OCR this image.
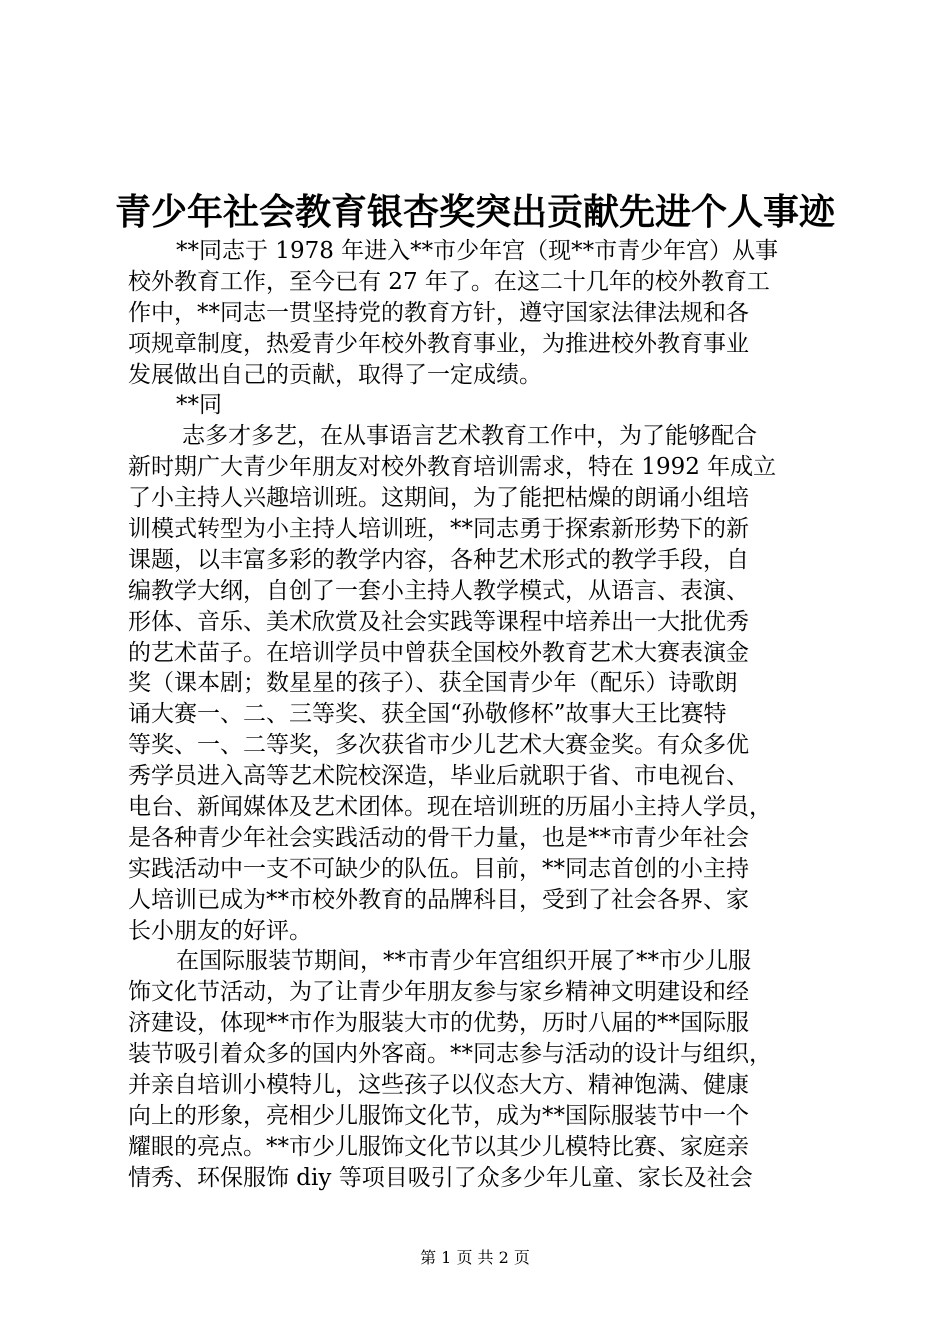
青少年社会教育银杏奖突出贡献先进个人事迹
**同志于 1978 年进入**市少年宫（现**市青少年宫）从事
校外教育工作，至今已有 27 年了。在这二十几年的校外教育工
作中，**同志一贯坚持党的教育方针，遵守国家法律法规和各
项规章制度，热爱青少年校外教育事业，为推进校外教育事业
发展做出自己的贡献，取得了一定成绩。
**同
志多才多艺，在从事语言艺术教育工作中，为了能够配合
新时期广大青少年朋友对校外教育培训需求，特在 1992 年成立
了小主持人兴趣培训班。这期间，为了能把枯燥的朗诵小组培
训模式转型为小主持人培训班，**同志勇于探索新形势下的新
课题，以丰富多彩的教学内容，各种艺术形式的教学手段，自
编教学大纲，自创了一套小主持人教学模式，从语言、表演、
形体、音乐、美术欣赏及社会实践等课程中培养出一大批优秀
的艺术苗子。在培训学员中曾获全国校外教育艺术大赛表演金
奖（课本剧；数星星的孩子）、获全国青少年（配乐）诗歌朗
诵大赛一、二、三等奖、获全国“孙敬修杯”故事大王比赛特
等奖、一、二等奖，多次获省市少儿艺术大赛金奖。有众多优
秀学员进入高等艺术院校深造，毕业后就职于省、市电视台、
电台、新闻媒体及艺术团体。现在培训班的历届小主持人学员，
是各种青少年社会实践活动的骨干力量，也是**市青少年社会
实践活动中一支不可缺少的队伍。目前，**同志首创的小主持
人培训已成为**市校外教育的品牌科目，受到了社会各界、家
长小朋友的好评。
在国际服装节期间，**市青少年宫组织开展了**市少儿服
饰文化节活动，为了让青少年朋友参与家乡精神文明建设和经
济建设，体现**市作为服装大市的优势，历时八届的**国际服
装节吸引着众多的国内外客商。**同志参与活动的设计与组织，
并亲自培训小模特儿，这些孩子以仪态大方、精神饱满、健康
向上的形象，亮相少儿服饰文化节，成为**国际服装节中一个
耀眼的亮点。**市少儿服饰文化节以其少儿模特比赛、家庭亲
情秀、环保服饰 diy 等项目吸引了众多少年儿童、家长及社会
第 1 页 共 2 页
